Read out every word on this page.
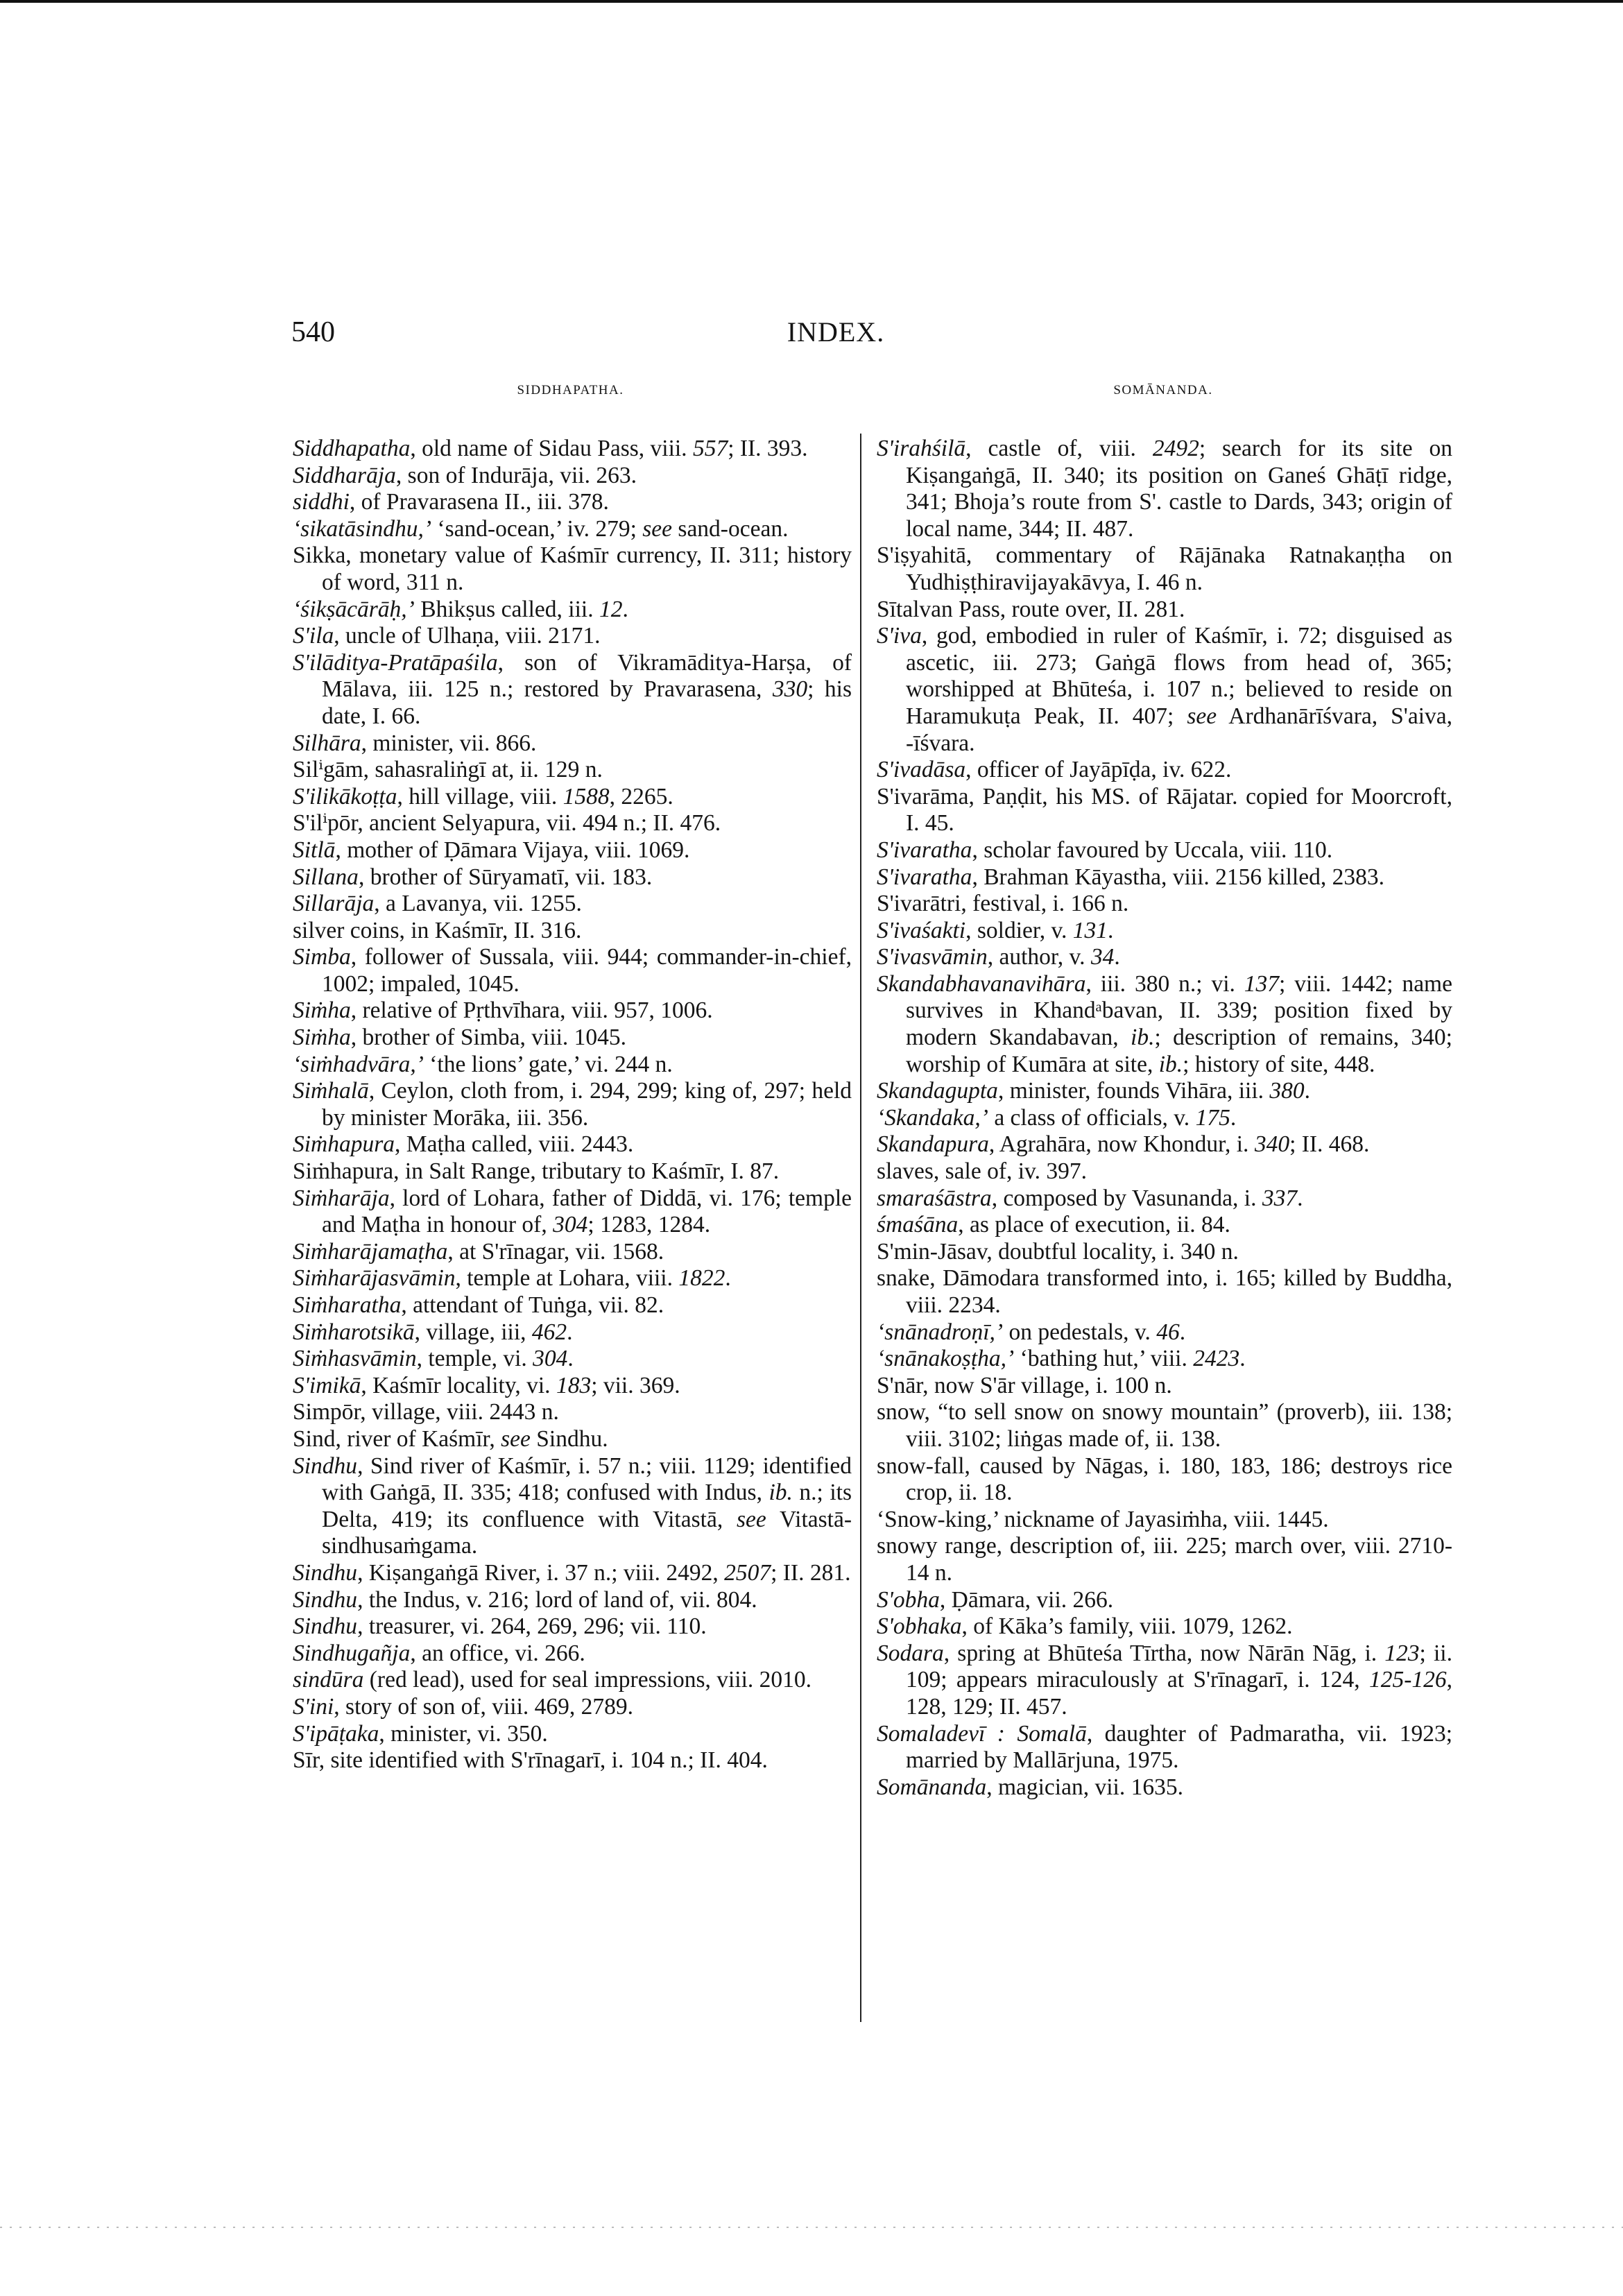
540	INDEX.
SIDDHAPATHA.	SOMĀNANDA.

Siddhapatha, old name of Sidau Pass, viii. 557; II. 393.

Siddharāja, son of Indurāja, vii. 263.

siddhi, of Pravarasena II., iii. 378.

‘sikatāsindhu,’ ‘sand-ocean,’ iv. 279; see sand-ocean.

Sikka, monetary value of Kaśmīr currency, II. 311; history of word, 311 n.

‘śikṣācārāḥ,’ Bhikṣus called, iii. 12.

S'ila, uncle of Ulhaṇa, viii. 2171.

S'ilāditya-Pratāpaśila, son of Vikramāditya-Harṣa, of Mālava, iii. 125 n.; restored by Pravarasena, 330; his date, I. 66.

Silhāra, minister, vii. 866.

Silⁱgām, sahasraliṅgī at, ii. 129 n.

S'ilikākoṭṭa, hill village, viii. 1588, 2265.

S'ilⁱpōr, ancient Selyapura, vii. 494 n.; II. 476.

Sitlā, mother of Ḍāmara Vijaya, viii. 1069.

Sillana, brother of Sūryamatī, vii. 183.

Sillarāja, a Lavanya, vii. 1255.

silver coins, in Kaśmīr, II. 316.

Simba, follower of Sussala, viii. 944; commander-in-chief, 1002; impaled, 1045.

Siṁha, relative of Pṛthvīhara, viii. 957, 1006.

Siṁha, brother of Simba, viii. 1045.

‘siṁhadvāra,’ ‘the lions’ gate,’ vi. 244 n.

Siṁhalā, Ceylon, cloth from, i. 294, 299; king of, 297; held by minister Morāka, iii. 356.

Siṁhapura, Maṭha called, viii. 2443.

Siṁhapura, in Salt Range, tributary to Kaśmīr, I. 87.

Siṁharāja, lord of Lohara, father of Diddā, vi. 176; temple and Maṭha in honour of, 304; 1283, 1284.

Siṁharājamaṭha, at S'rīnagar, vii. 1568.

Siṁharājasvāmin, temple at Lohara, viii. 1822.

Siṁharatha, attendant of Tuṅga, vii. 82.

Siṁharotsikā, village, iii, 462.

Siṁhasvāmin, temple, vi. 304.

S'imikā, Kaśmīr locality, vi. 183; vii. 369.

Simpōr, village, viii. 2443 n.

Sind, river of Kaśmīr, see Sindhu.

Sindhu, Sind river of Kaśmīr, i. 57 n.; viii. 1129; identified with Gaṅgā, II. 335; 418; confused with Indus, ib. n.; its Delta, 419; its confluence with Vitastā, see Vitastā-sindhusaṁgama.

Sindhu, Kiṣangaṅgā River, i. 37 n.; viii. 2492, 2507; II. 281.

Sindhu, the Indus, v. 216; lord of land of, vii. 804.

Sindhu, treasurer, vi. 264, 269, 296; vii. 110.

Sindhugañja, an office, vi. 266.

sindūra (red lead), used for seal impressions, viii. 2010.

S'ini, story of son of, viii. 469, 2789.

S'ipāṭaka, minister, vi. 350.

Sīr, site identified with S'rīnagarī, i. 104 n.; II. 404.

S'irahśilā, castle of, viii. 2492; search for its site on Kiṣangaṅgā, II. 340; its position on Ganeś Ghāṭī ridge, 341; Bhoja’s route from S'. castle to Dards, 343; origin of local name, 344; II. 487.

S'iṣyahitā, commentary of Rājānaka Ratnakaṇṭha on Yudhiṣṭhiravijayakāvya, I. 46 n.

Sītalvan Pass, route over, II. 281.

S'iva, god, embodied in ruler of Kaśmīr, i. 72; disguised as ascetic, iii. 273; Gaṅgā flows from head of, 365; worshipped at Bhūteśa, i. 107 n.; believed to reside on Haramukuṭa Peak, II. 407; see Ardhanārīśvara, S'aiva, -īśvara.

S'ivadāsa, officer of Jayāpīḍa, iv. 622.

S'ivarāma, Paṇḍit, his MS. of Rājatar. copied for Moorcroft, I. 45.

S'ivaratha, scholar favoured by Uccala, viii. 110.

S'ivaratha, Brahman Kāyastha, viii. 2156 killed, 2383.

S'ivarātri, festival, i. 166 n.

S'ivaśakti, soldier, v. 131.

S'ivasvāmin, author, v. 34.

Skandabhavanavihāra, iii. 380 n.; vi. 137; viii. 1442; name survives in Khandᵃbavan, II. 339; position fixed by modern Skandabavan, ib.; description of remains, 340; worship of Kumāra at site, ib.; history of site, 448.

Skandagupta, minister, founds Vihāra, iii. 380.

‘Skandaka,’ a class of officials, v. 175.

Skandapura, Agrahāra, now Khondur, i. 340; II. 468.

slaves, sale of, iv. 397.

smaraśāstra, composed by Vasunanda, i. 337.

śmaśāna, as place of execution, ii. 84.

S'min-Jāsav, doubtful locality, i. 340 n.

snake, Dāmodara transformed into, i. 165; killed by Buddha, viii. 2234.

‘snānadroṇī,’ on pedestals, v. 46.

‘snānakoṣṭha,’ ‘bathing hut,’ viii. 2423.

S'nār, now S'ār village, i. 100 n.

snow, “to sell snow on snowy mountain” (proverb), iii. 138; viii. 3102; liṅgas made of, ii. 138.

snow-fall, caused by Nāgas, i. 180, 183, 186; destroys rice crop, ii. 18.

‘Snow-king,’ nickname of Jayasiṁha, viii. 1445.

snowy range, description of, iii. 225; march over, viii. 2710-14 n.

S'obha, Ḍāmara, vii. 266.

S'obhaka, of Kāka’s family, viii. 1079, 1262.

Sodara, spring at Bhūteśa Tīrtha, now Nārān Nāg, i. 123; ii. 109; appears miraculously at S'rīnagarī, i. 124, 125-126, 128, 129; II. 457.

Somaladevī : Somalā, daughter of Padmaratha, vii. 1923; married by Mallārjuna, 1975.

Somānanda, magician, vii. 1635.
